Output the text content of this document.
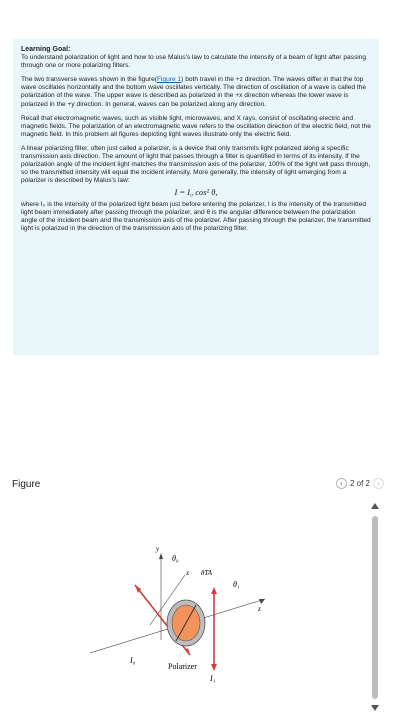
Learning Goal:

To understand polarization of light and how to use Malus's law to calculate the intensity of a beam of light after passing through one or more polarizing filters.

The two transverse waves shown in the figure(Figure 1) both travel in the +z direction. The waves differ in that the top wave oscillates horizontally and the bottom wave oscillates vertically. The direction of oscillation of a wave is called the polarization of the wave. The upper wave is described as polarized in the +x direction whereas the lower wave is polarized in the +y direction. In general, waves can be polarized along any direction.

Recall that electromagnetic waves, such as visible light, microwaves, and X rays, consist of oscillating electric and magnetic fields. The polarization of an electromagnetic wave refers to the oscillation direction of the electric field, not the magnetic field. In this problem all figures depicting light waves illustrate only the electric field.

A linear polarizing filter, often just called a polarizer, is a device that only transmits light polarized along a specific transmission axis direction. The amount of light that passes through a filter is quantified in terms of its intensity. If the polarization angle of the incident light matches the transmission axis of the polarizer, 100% of the light will pass through, so the transmitted intensity will equal the incident intensity. More generally, the intensity of light emerging from a polarizer is described by Malus's law:

I = I₀ cos² θ,

where I₀ is the intensity of the polarized light beam just before entering the polarizer, I is the intensity of the transmitted light beam immediately after passing through the polarizer, and θ is the angular difference between the polarization angle of the incident beam and the transmission axis of the polarizer. After passing through the polarizer, the transmitted light is polarized in the direction of the transmission axis of the polarizing filter.

Figure	‹ 2 of 2 ›
y
θ₀
x θTA
θ₁
z
I₀
Polarizer
I₁
